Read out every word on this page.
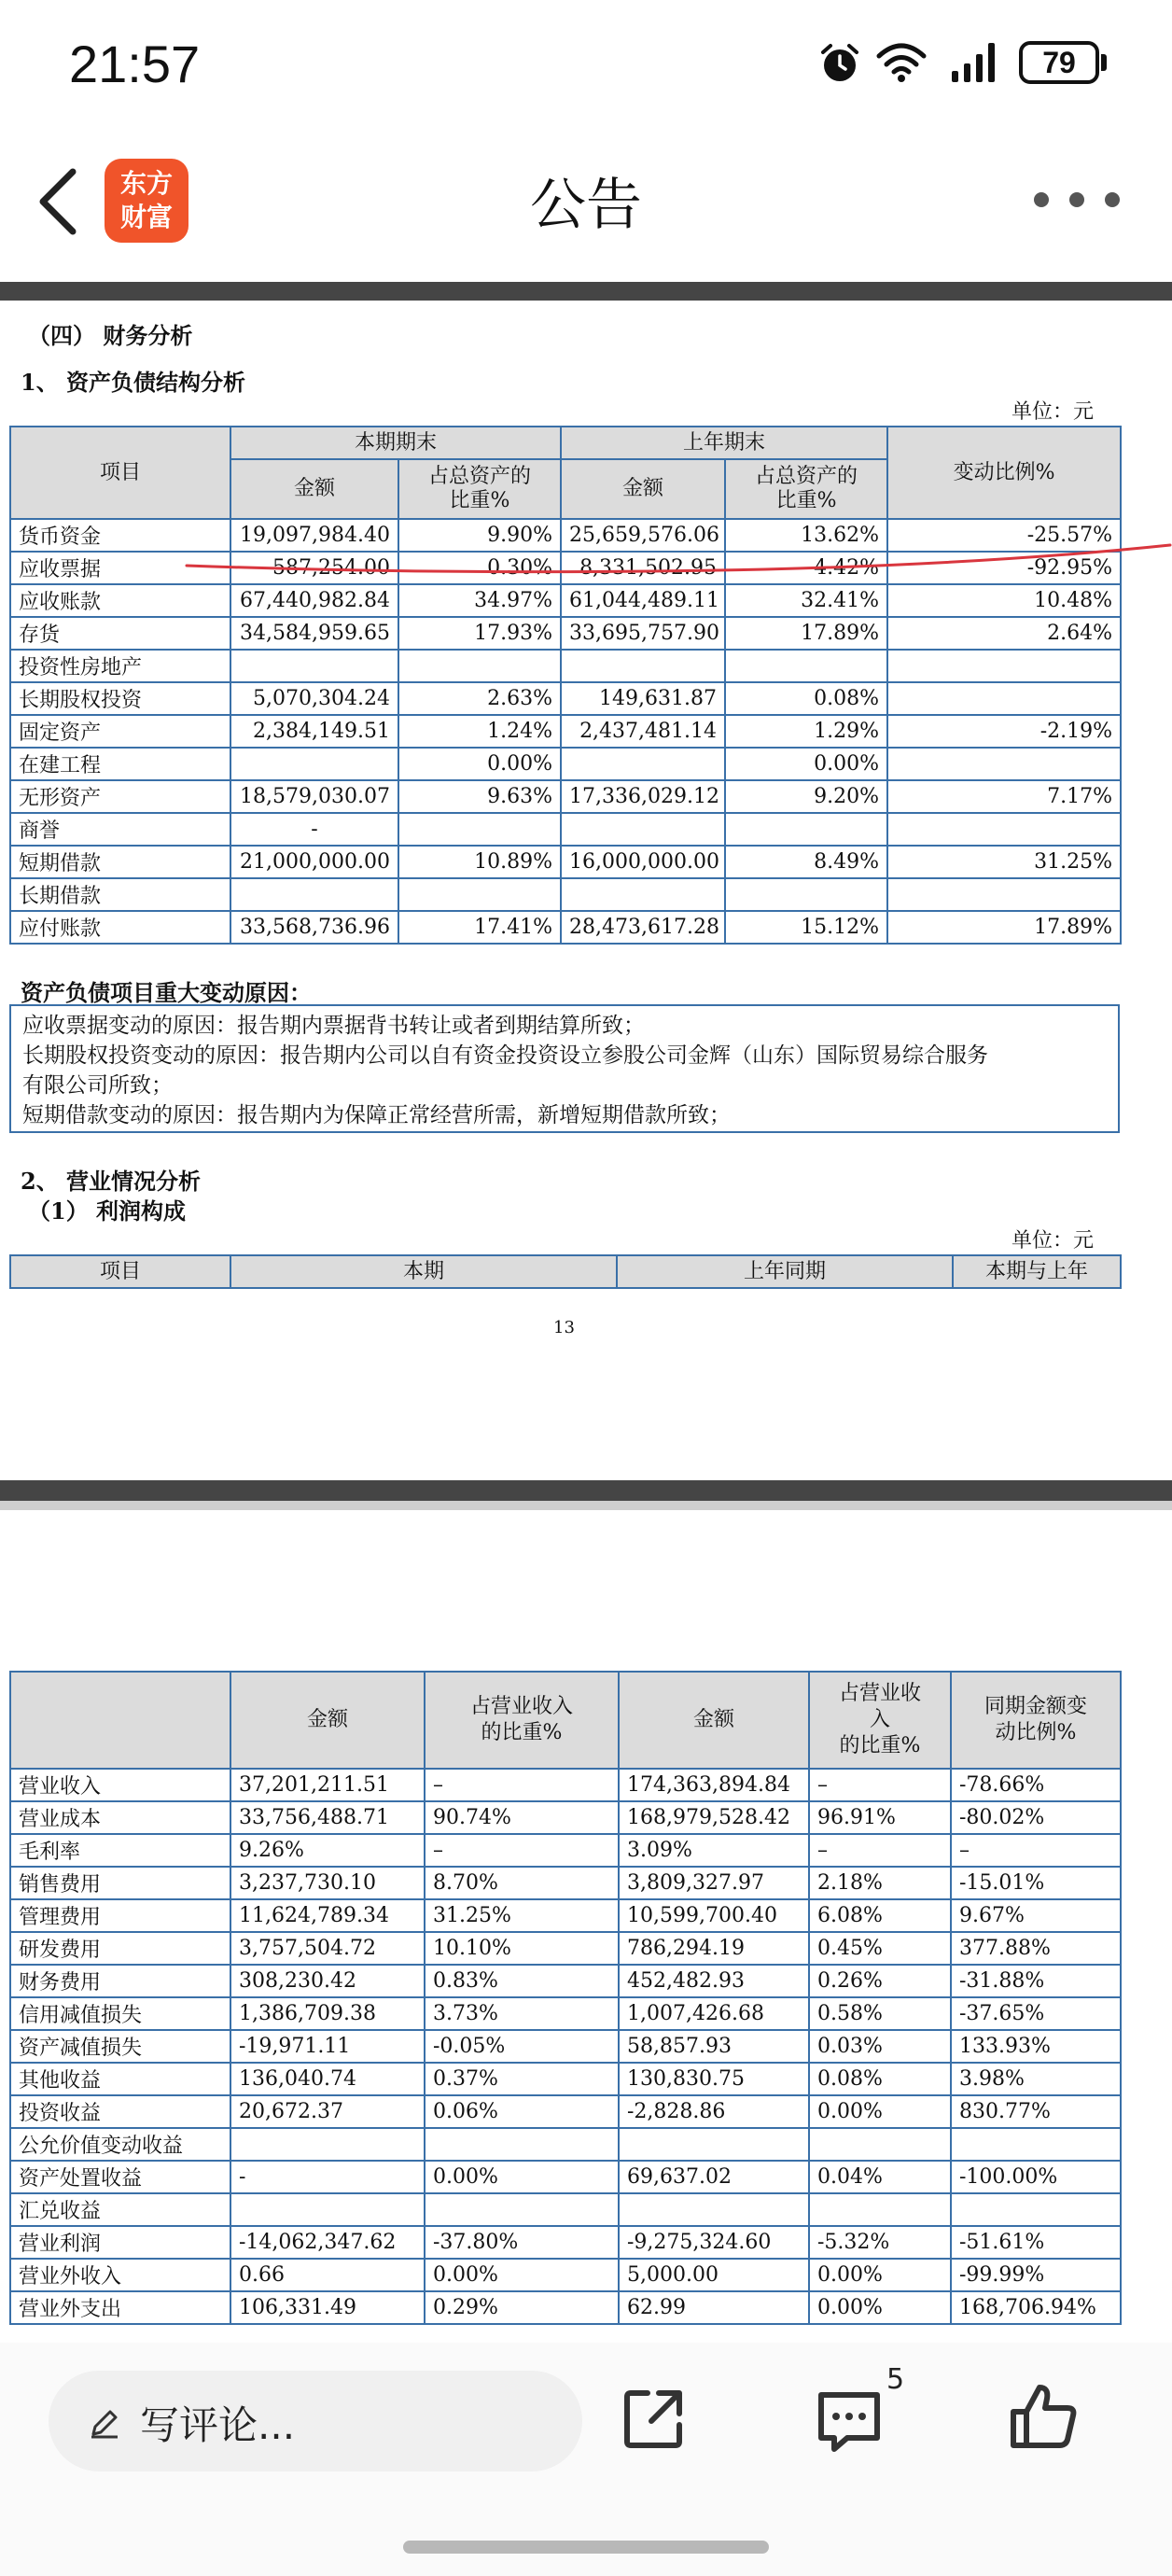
21:57	79
东方
财富	公告
（四） 财务分析
1、 资产负债结构分析
单位：元
项目	本期期末		上年期末		变动比例%
	金额	占总资产的
比重%	金额	占总资产的
比重%	
货币资金	19,097,984.40	9.90%	25,659,576.06	13.62%	-25.57%
应收票据	587,254.00	0.30%	8,331,502.95	4.42%	-92.95%
应收账款	67,440,982.84	34.97%	61,044,489.11	32.41%	10.48%
存货	34,584,959.65	17.93%	33,695,757.90	17.89%	2.64%
投资性房地产					
长期股权投资	5,070,304.24	2.63%	149,631.87	0.08%	
固定资产	2,384,149.51	1.24%	2,437,481.14	1.29%	-2.19%
在建工程		0.00%		0.00%	
无形资产	18,579,030.07	9.63%	17,336,029.12	9.20%	7.17%
商誉	-				
短期借款	21,000,000.00	10.89%	16,000,000.00	8.49%	31.25%
长期借款					
应付账款	33,568,736.96	17.41%	28,473,617.28	15.12%	17.89%
资产负债项目重大变动原因：
应收票据变动的原因：报告期内票据背书转让或者到期结算所致；
长期股权投资变动的原因：报告期内公司以自有资金投资设立参股公司金辉（山东）国际贸易综合服务
有限公司所致；
短期借款变动的原因：报告期内为保障正常经营所需，新增短期借款所致；
2、 营业情况分析
（1） 利润构成
单位：元
项目	本期	上年同期	本期与上年
13
	金额	占营业收入
的比重%	金额	占营业收
入
的比重%	同期金额变
动比例%
营业收入	37,201,211.51	–	174,363,894.84	–	-78.66%
营业成本	33,756,488.71	90.74%	168,979,528.42	96.91%	-80.02%
毛利率	9.26%	–	3.09%	–	–
销售费用	3,237,730.10	8.70%	3,809,327.97	2.18%	-15.01%
管理费用	11,624,789.34	31.25%	10,599,700.40	6.08%	9.67%
研发费用	3,757,504.72	10.10%	786,294.19	0.45%	377.88%
财务费用	308,230.42	0.83%	452,482.93	0.26%	-31.88%
信用减值损失	1,386,709.38	3.73%	1,007,426.68	0.58%	-37.65%
资产减值损失	-19,971.11	-0.05%	58,857.93	0.03%	133.93%
其他收益	136,040.74	0.37%	130,830.75	0.08%	3.98%
投资收益	20,672.37	0.06%	-2,828.86	0.00%	830.77%
公允价值变动收益					
资产处置收益	-	0.00%	69,637.02	0.04%	-100.00%
汇兑收益					
营业利润	-14,062,347.62	-37.80%	-9,275,324.60	-5.32%	-51.61%
营业外收入	0.66	0.00%	5,000.00	0.00%	-99.99%
营业外支出	106,331.49	0.29%	62.99	0.00%	168,706.94%
写评论...
5
